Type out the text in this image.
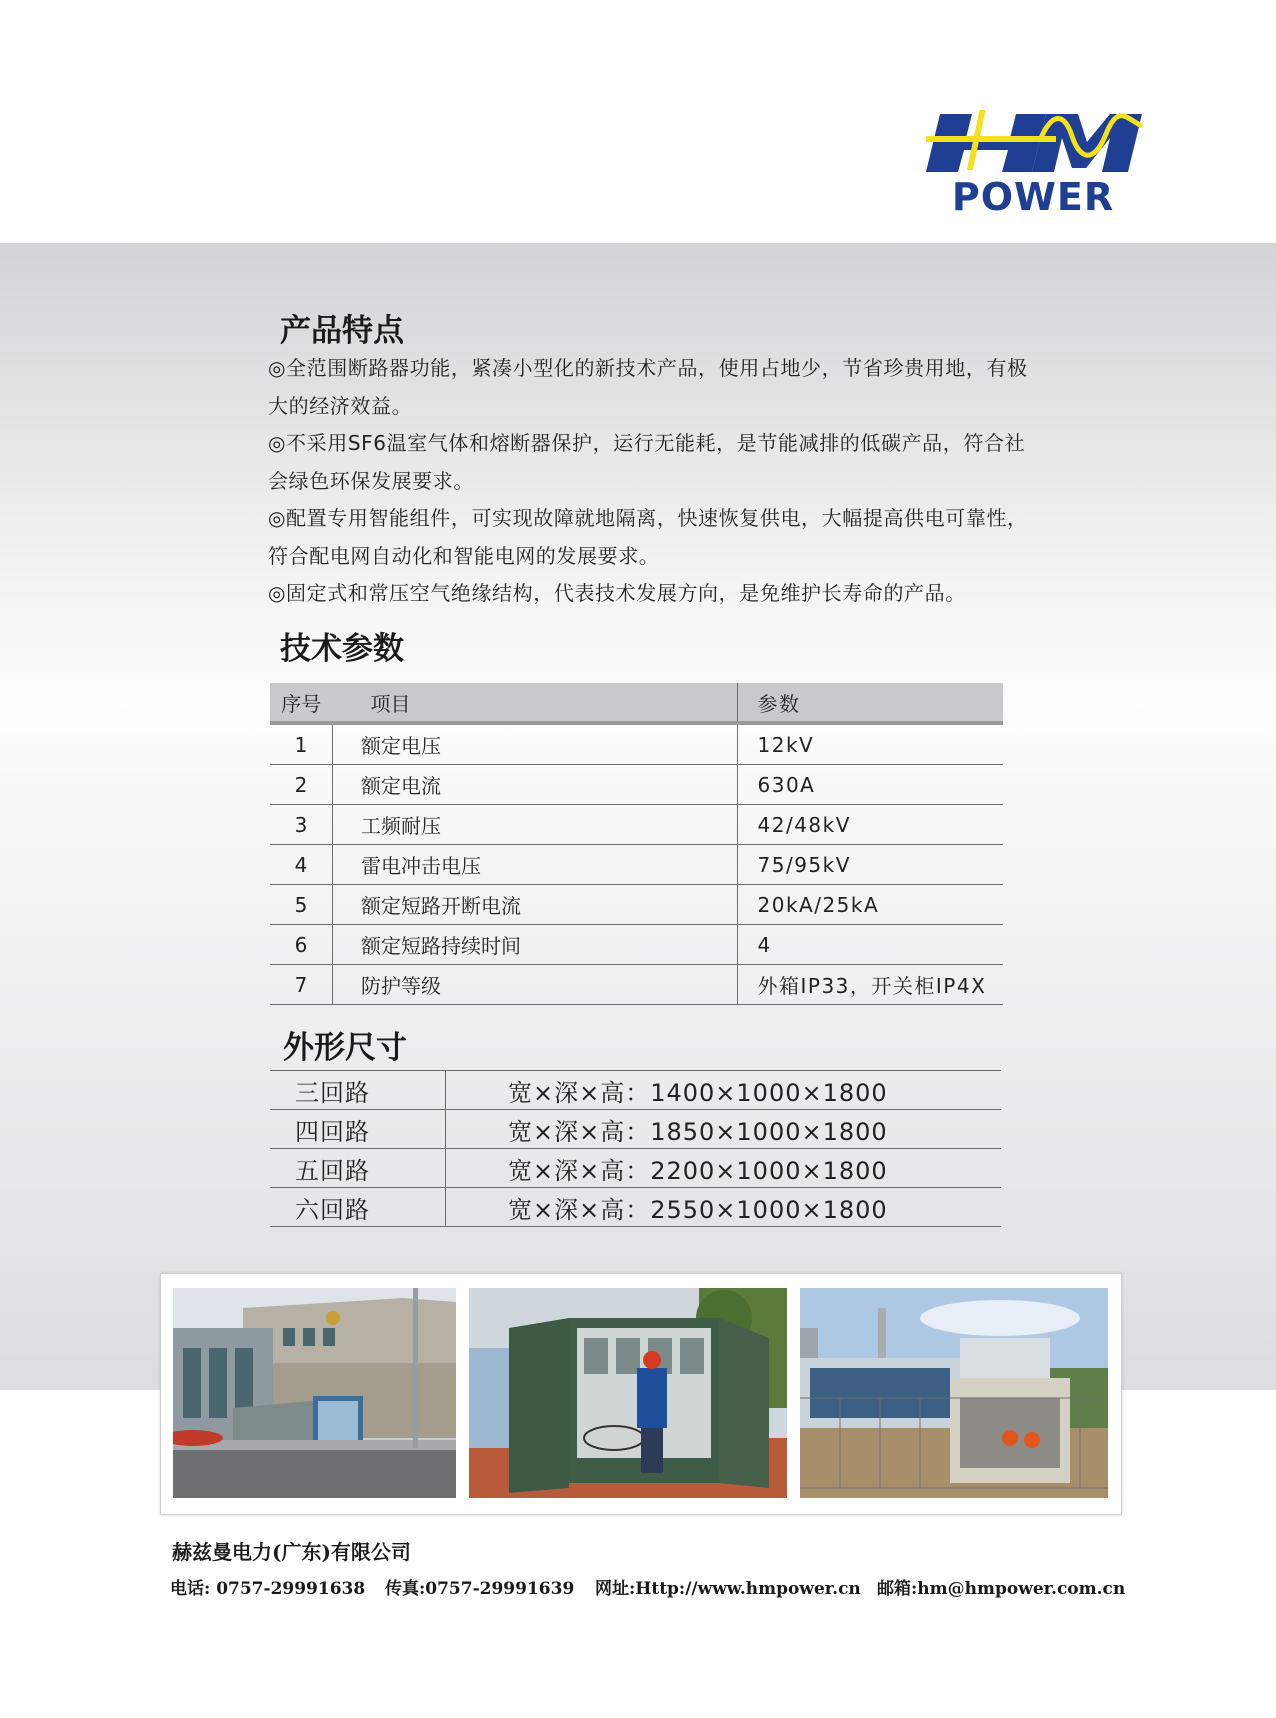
POWER
产品特点
◎全范围断路器功能，紧凑小型化的新技术产品，使用占地少，节省珍贵用地，有极大的经济效益。
◎不采用SF6温室气体和熔断器保护，运行无能耗，是节能减排的低碳产品，符合社会绿色环保发展要求。
◎配置专用智能组件，可实现故障就地隔离，快速恢复供电，大幅提高供电可靠性，符合配电网自动化和智能电网的发展要求。
◎固定式和常压空气绝缘结构，代表技术发展方向，是免维护长寿命的产品。
技术参数
序号	项目	参数
1	额定电压	12kV
2	额定电流	630A
3	工频耐压	42/48kV
4	雷电冲击电压	75/95kV
5	额定短路开断电流	20kA/25kA
6	额定短路持续时间	4
7	防护等级	外箱IP33，开关柜IP4X
外形尺寸
三回路	宽×深×高：1400×1000×1800
四回路	宽×深×高：1850×1000×1800
五回路	宽×深×高：2200×1000×1800
六回路	宽×深×高：2550×1000×1800
赫兹曼电力(广东)有限公司
电话: 0757-29991638 传真:0757-29991639 网址:Http://www.hmpower.cn 邮箱:hm@hmpower.com.cn
